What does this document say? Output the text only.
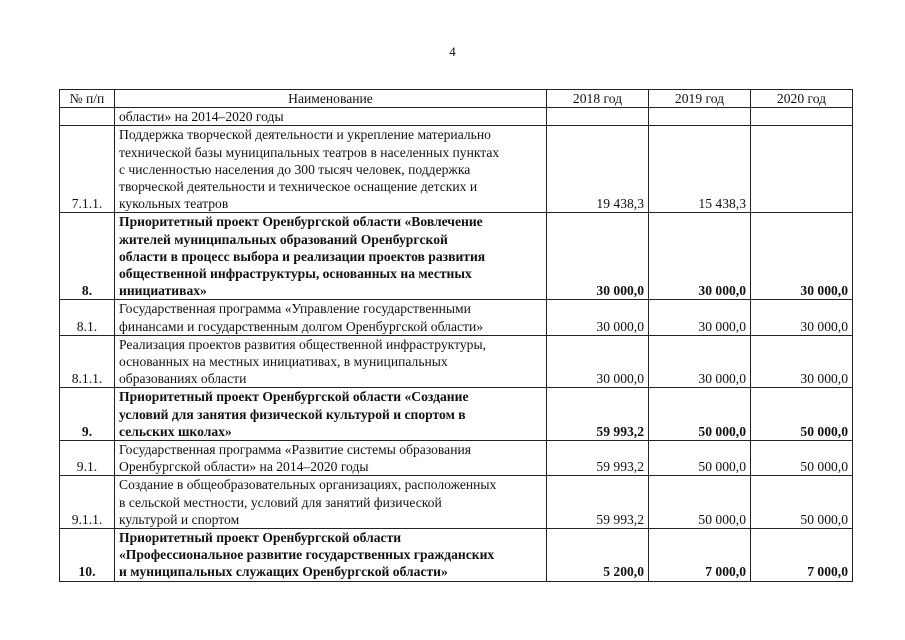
4
№ п/п	Наименование	2018 год	2019 год	2020 год
	области» на 2014–2020 годы			
7.1.1.	Поддержка творческой деятельности и укрепление материально
технической базы муниципальных театров в населенных пунктах
с численностью населения до 300 тысяч человек, поддержка
творческой деятельности и техническое оснащение детских и
кукольных театров	19 438,3	15 438,3	
8.	Приоритетный проект Оренбургской области «Вовлечение
жителей муниципальных образований Оренбургской
области в процесс выбора и реализации проектов развития
общественной инфраструктуры, основанных на местных
инициативах»	30 000,0	30 000,0	30 000,0
8.1.	Государственная программа «Управление государственными
финансами и государственным долгом Оренбургской области»	30 000,0	30 000,0	30 000,0
8.1.1.	Реализация проектов развития общественной инфраструктуры,
основанных на местных инициативах, в муниципальных
образованиях области	30 000,0	30 000,0	30 000,0
9.	Приоритетный проект Оренбургской области «Создание
условий для занятия физической культурой и спортом в
сельских школах»	59 993,2	50 000,0	50 000,0
9.1.	Государственная программа «Развитие системы образования
Оренбургской области» на 2014–2020 годы	59 993,2	50 000,0	50 000,0
9.1.1.	Создание в общеобразовательных организациях, расположенных
в сельской местности, условий для занятий физической
культурой и спортом	59 993,2	50 000,0	50 000,0
10.	Приоритетный проект Оренбургской области
«Профессиональное развитие государственных гражданских
и муниципальных служащих Оренбургской области»	5 200,0	7 000,0	7 000,0
